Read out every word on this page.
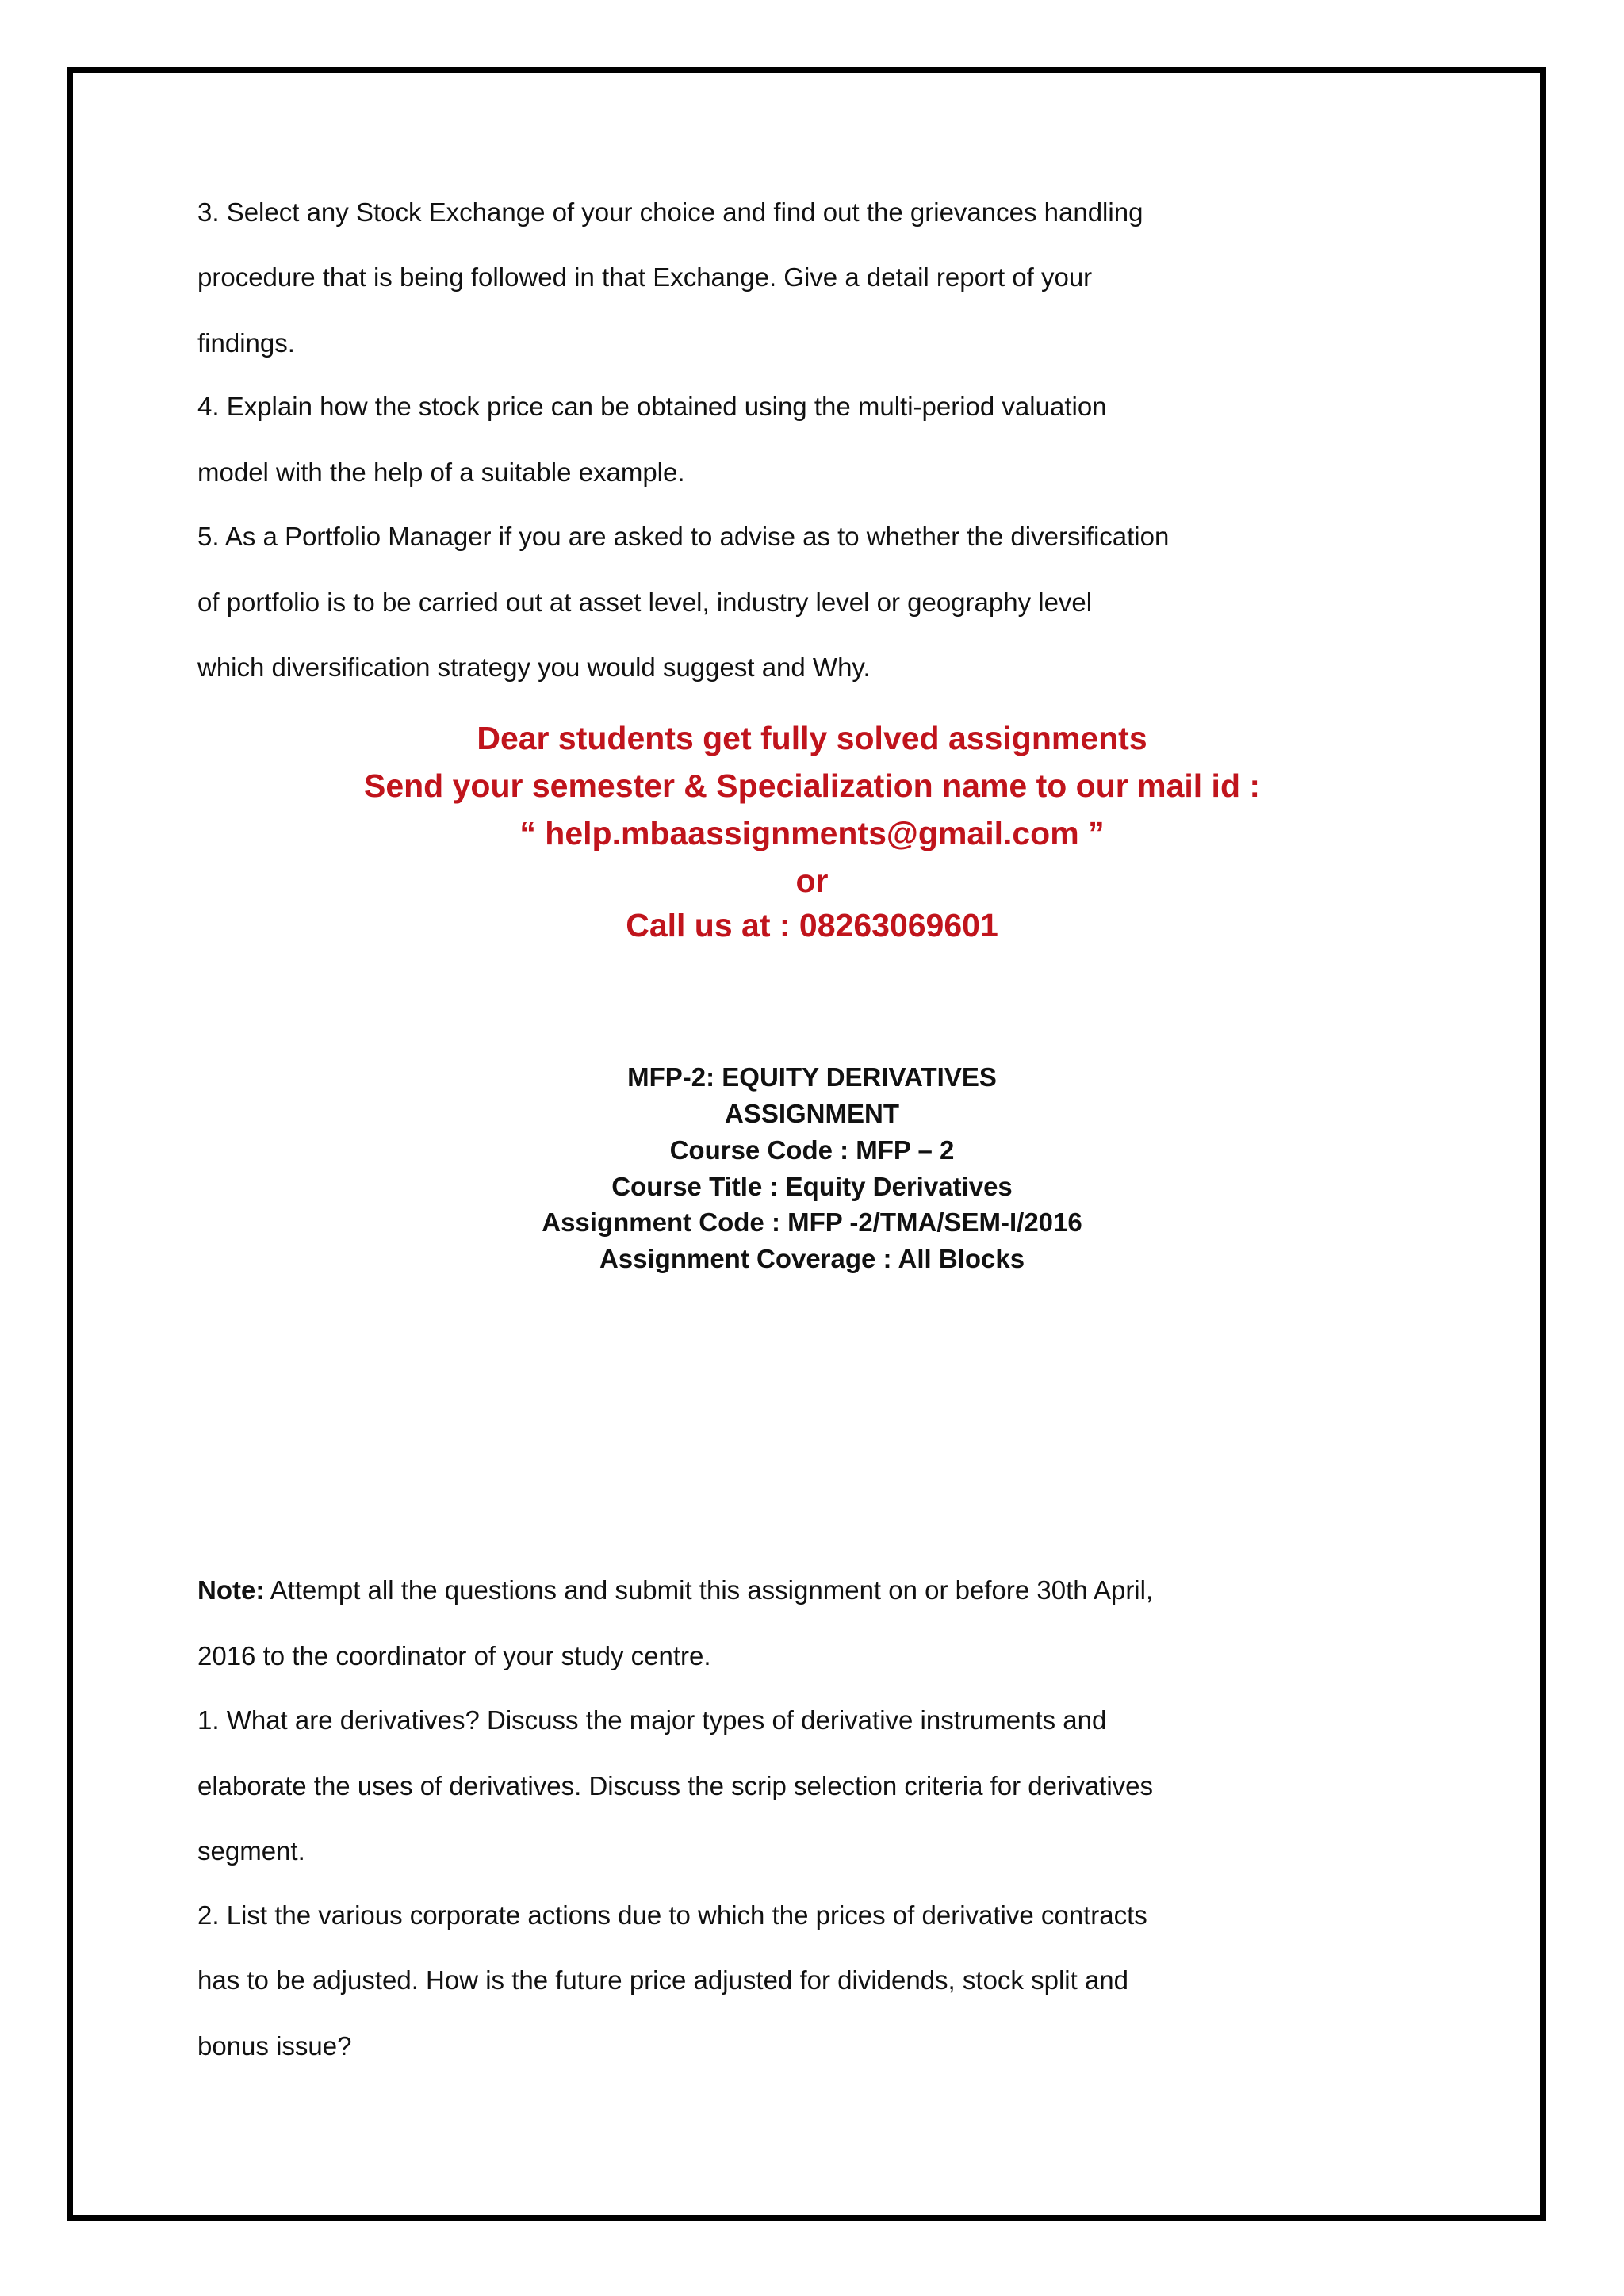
3. Select any Stock Exchange of your choice and find out the grievances handling
procedure that is being followed in that Exchange. Give a detail report of your
findings.
4. Explain how the stock price can be obtained using the multi-period valuation
model with the help of a suitable example.
5. As a Portfolio Manager if you are asked to advise as to whether the diversification
of portfolio is to be carried out at asset level, industry level or geography level
which diversification strategy you would suggest and Why.
Dear students get fully solved assignments
Send your semester & Specialization name to our mail id :
“ help.mbaassignments@gmail.com ”
or
Call us at : 08263069601
MFP-2: EQUITY DERIVATIVES
ASSIGNMENT
Course Code : MFP – 2
Course Title : Equity Derivatives
Assignment Code : MFP -2/TMA/SEM-I/2016
Assignment Coverage : All Blocks
Note: Attempt all the questions and submit this assignment on or before 30th April,
2016 to the coordinator of your study centre.
1. What are derivatives? Discuss the major types of derivative instruments and
elaborate the uses of derivatives. Discuss the scrip selection criteria for derivatives
segment.
2. List the various corporate actions due to which the prices of derivative contracts
has to be adjusted. How is the future price adjusted for dividends, stock split and
bonus issue?
